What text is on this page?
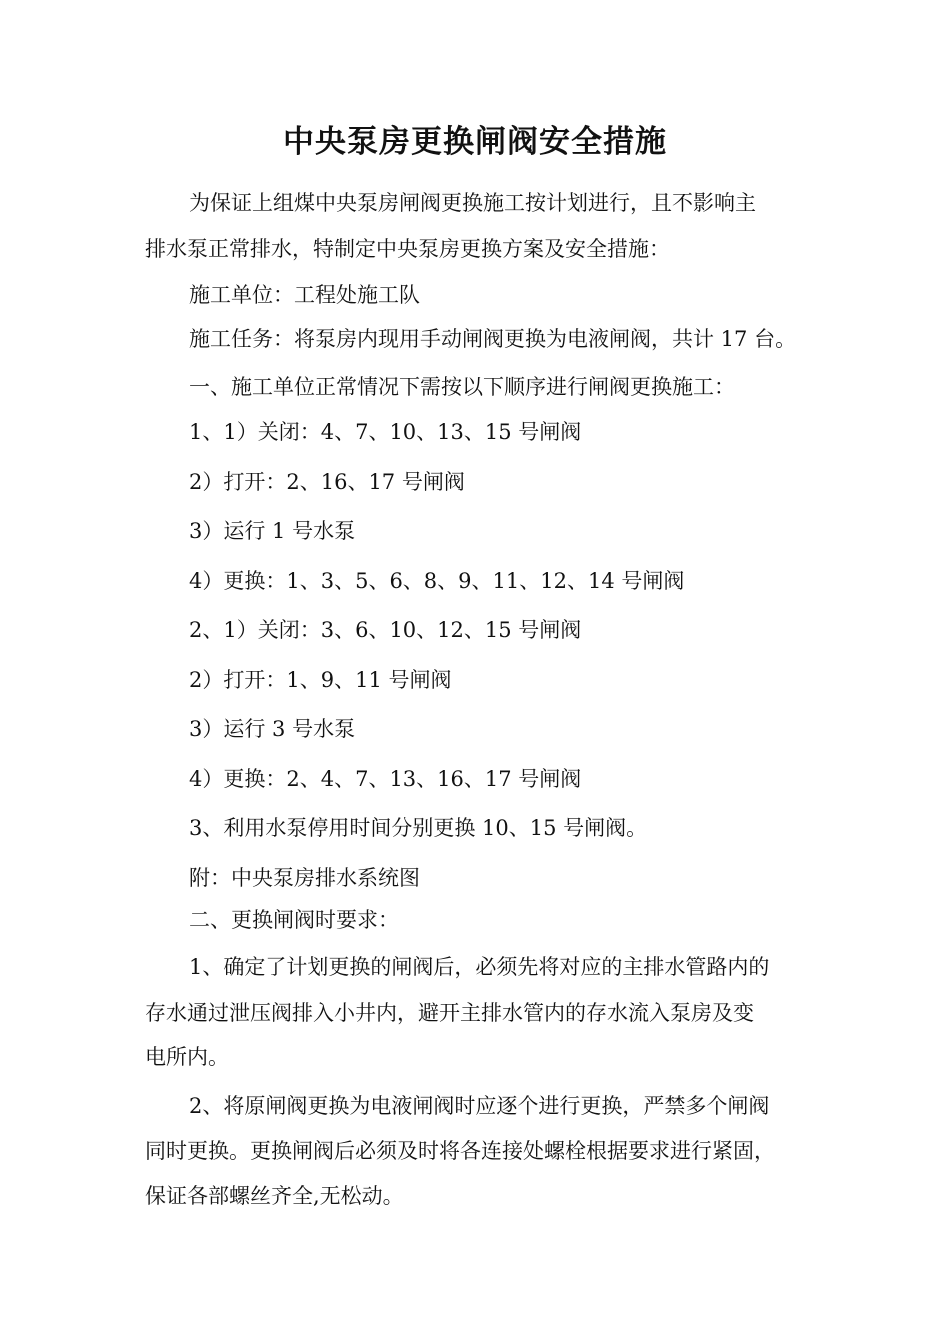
中央泵房更换闸阀安全措施
为保证上组煤中央泵房闸阀更换施工按计划进行，且不影响主
排水泵正常排水，特制定中央泵房更换方案及安全措施：
施工单位：工程处施工队
施工任务：将泵房内现用手动闸阀更换为电液闸阀，共计 17 台。
一、施工单位正常情况下需按以下顺序进行闸阀更换施工：
1、1）关闭：4、7、10、13、15 号闸阀
2）打开：2、16、17 号闸阀
3）运行 1 号水泵
4）更换：1、3、5、6、8、9、11、12、14 号闸阀
2、1）关闭：3、6、10、12、15 号闸阀
2）打开：1、9、11 号闸阀
3）运行 3 号水泵
4）更换：2、4、7、13、16、17 号闸阀
3、利用水泵停用时间分别更换 10、15 号闸阀。
附：中央泵房排水系统图
二、更换闸阀时要求：
1、确定了计划更换的闸阀后，必须先将对应的主排水管路内的
存水通过泄压阀排入小井内，避开主排水管内的存水流入泵房及变
电所内。
2、将原闸阀更换为电液闸阀时应逐个进行更换，严禁多个闸阀
同时更换。更换闸阀后必须及时将各连接处螺栓根据要求进行紧固，
保证各部螺丝齐全,无松动。
